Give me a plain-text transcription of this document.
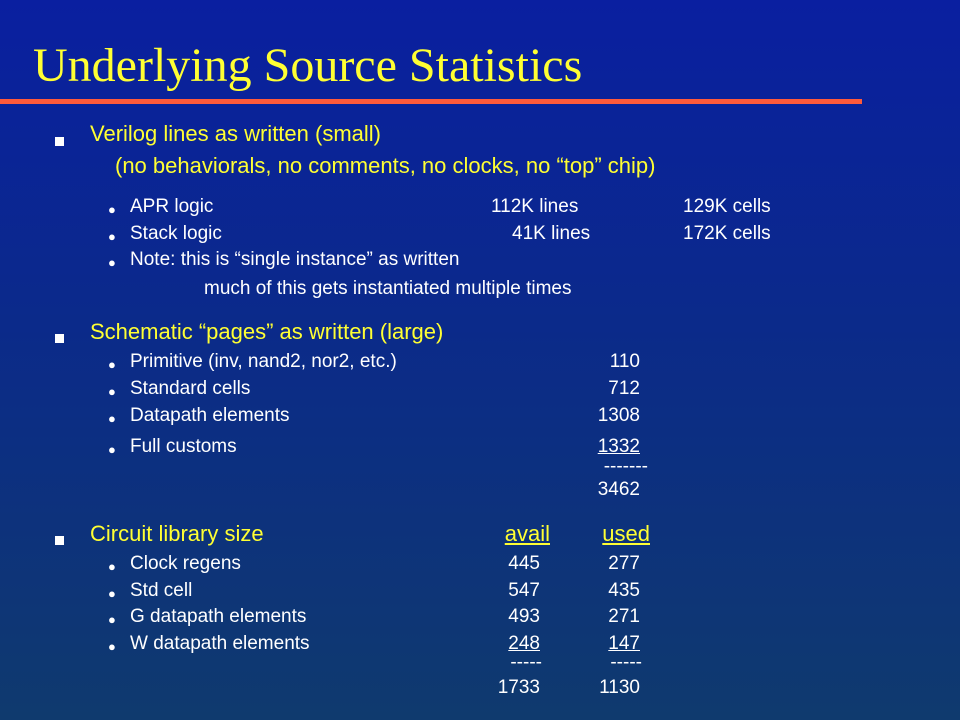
Underlying Source Statistics
Verilog lines as written (small)
(no behaviorals, no comments, no clocks, no “top” chip)
● APR logic	112K lines	129K cells
● Stack logic	41K lines	172K cells
● Note: this is “single instance” as written
much of this gets instantiated multiple times
Schematic “pages” as written (large)
● Primitive (inv, nand2, nor2, etc.)	110
● Standard cells	712
● Datapath elements	1308
● Full customs	1332
-------
3462
Circuit library size	avail	used
● Clock regens	445	277
● Std cell	547	435
● G datapath elements	493	271
● W datapath elements	248	147
-----	-----
1733	1130
